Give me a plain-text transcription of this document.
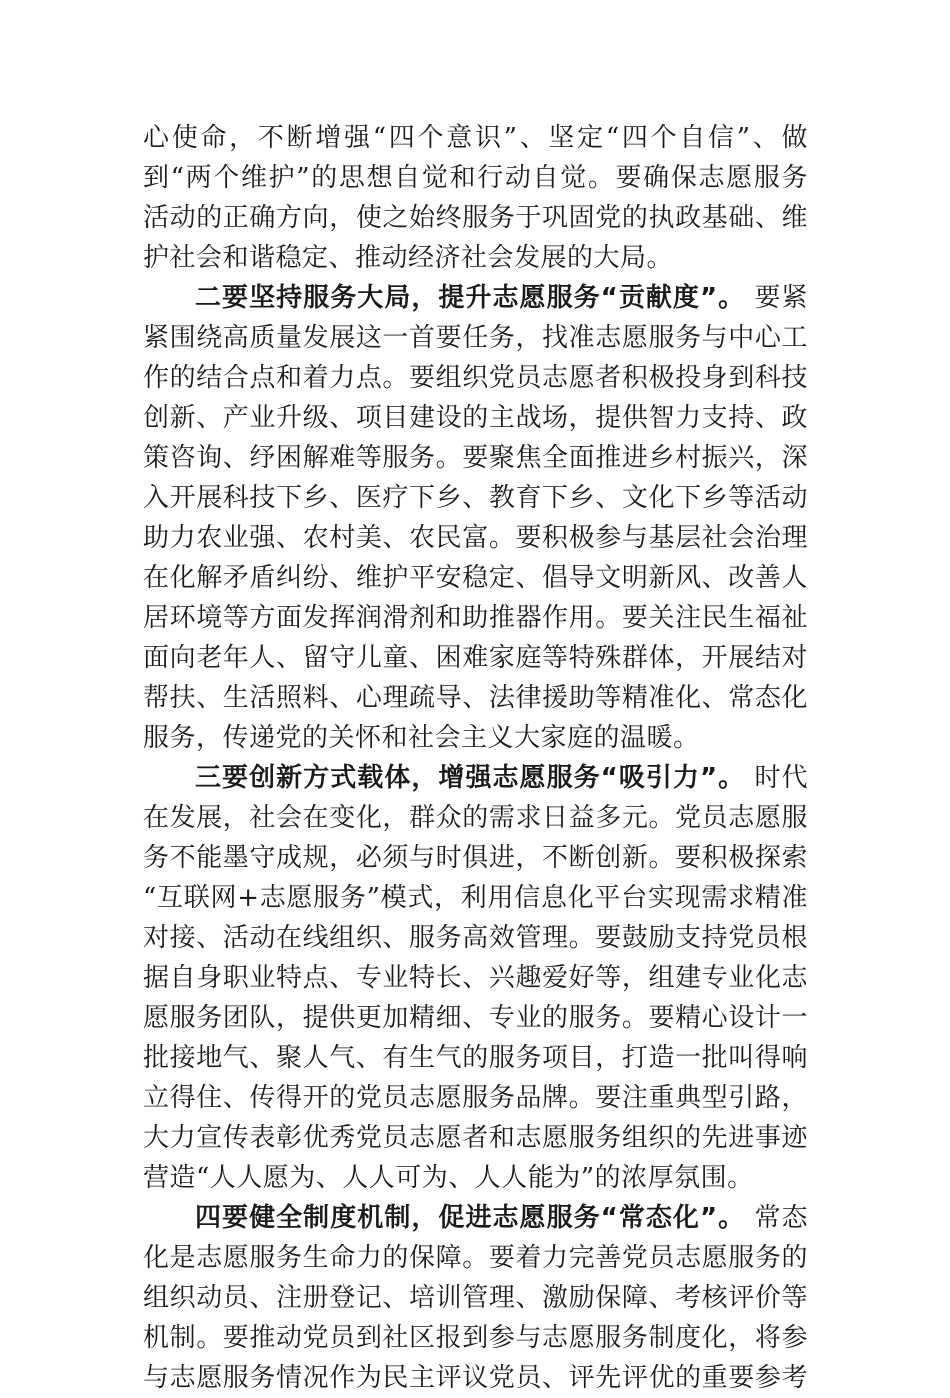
心使命，不断增强“四个意识”、坚定“四个自信”、做
到“两个维护”的思想自觉和行动自觉。要确保志愿服务
活动的正确方向，使之始终服务于巩固党的执政基础、维
护社会和谐稳定、推动经济社会发展的大局。
二要坚持服务大局，提升志愿服务“贡献度”。 要紧
紧围绕高质量发展这一首要任务，找准志愿服务与中心工
作的结合点和着力点。要组织党员志愿者积极投身到科技
创新、产业升级、项目建设的主战场，提供智力支持、政
策咨询、纾困解难等服务。要聚焦全面推进乡村振兴，深
入开展科技下乡、医疗下乡、教育下乡、文化下乡等活动
助力农业强、农村美、农民富。要积极参与基层社会治理
在化解矛盾纠纷、维护平安稳定、倡导文明新风、改善人
居环境等方面发挥润滑剂和助推器作用。要关注民生福祉
面向老年人、留守儿童、困难家庭等特殊群体，开展结对
帮扶、生活照料、心理疏导、法律援助等精准化、常态化
服务，传递党的关怀和社会主义大家庭的温暖。
三要创新方式载体，增强志愿服务“吸引力”。 时代
在发展，社会在变化，群众的需求日益多元。党员志愿服
务不能墨守成规，必须与时俱进，不断创新。要积极探索
“互联网+志愿服务”模式，利用信息化平台实现需求精准
对接、活动在线组织、服务高效管理。要鼓励支持党员根
据自身职业特点、专业特长、兴趣爱好等，组建专业化志
愿服务团队，提供更加精细、专业的服务。要精心设计一
批接地气、聚人气、有生气的服务项目，打造一批叫得响
立得住、传得开的党员志愿服务品牌。要注重典型引路，
大力宣传表彰优秀党员志愿者和志愿服务组织的先进事迹
营造“人人愿为、人人可为、人人能为”的浓厚氛围。
四要健全制度机制，促进志愿服务“常态化”。 常态
化是志愿服务生命力的保障。要着力完善党员志愿服务的
组织动员、注册登记、培训管理、激励保障、考核评价等
机制。要推动党员到社区报到参与志愿服务制度化，将参
与志愿服务情况作为民主评议党员、评先评优的重要参考
